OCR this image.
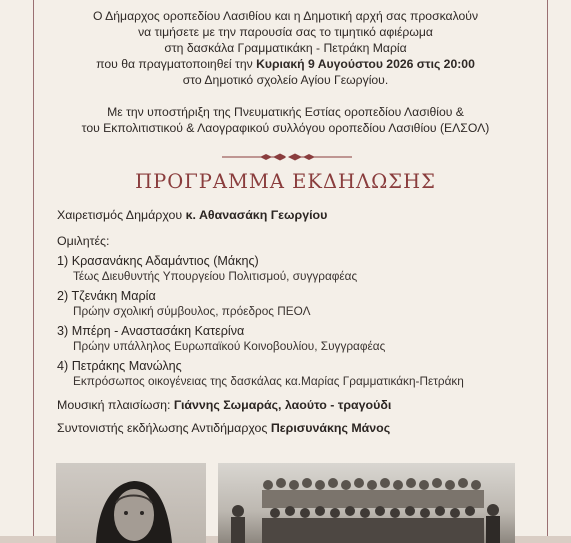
Ο Δήμαρχος οροπεδίου Λασιθίου και η Δημοτική αρχή σας προσκαλούν

να τιμήσετε με την παρουσία σας το τιμητικό αφιέρωμα

στη δασκάλα Γραμματικάκη - Πετράκη Μαρία

που θα πραγματοποιηθεί την Κυριακή 9 Αυγούστου 2026 στις 20:00

στο Δημοτικό σχολείο Αγίου Γεωργίου.

Με την υποστήριξη της Πνευματικής Εστίας οροπεδίου Λασιθίου &

του Εκπολιτιστικού & Λαογραφικού συλλόγου οροπεδίου Λασιθίου (ΕΛΣΟΛ)

ΠΡΟΓΡΑΜΜΑ ΕΚΔΗΛΩΣΗΣ
Χαιρετισμός Δημάρχου κ. Αθανασάκη Γεωργίου
Ομιλητές:
1) Κρασανάκης Αδαμάντιος (Μάκης)
Τέως Διευθυντής Υπουργείου Πολιτισμού, συγγραφέας
2) Τζενάκη Μαρία
Πρώην σχολική σύμβουλος, πρόεδρος ΠΕΟΛ
3) Μπέρη - Αναστασάκη Κατερίνα
Πρώην υπάλληλος Ευρωπαϊκού Κοινοβουλίου, Συγγραφέας
4) Πετράκης Μανώλης
Εκπρόσωπος οικογένειας της δασκάλας κα.Μαρίας Γραμματικάκη-Πετράκη
Μουσική πλαισίωση: Γιάννης Σωμαράς, λαούτο - τραγούδι
Συντονιστής εκδήλωσης Αντιδήμαρχος Περισυνάκης Μάνος
